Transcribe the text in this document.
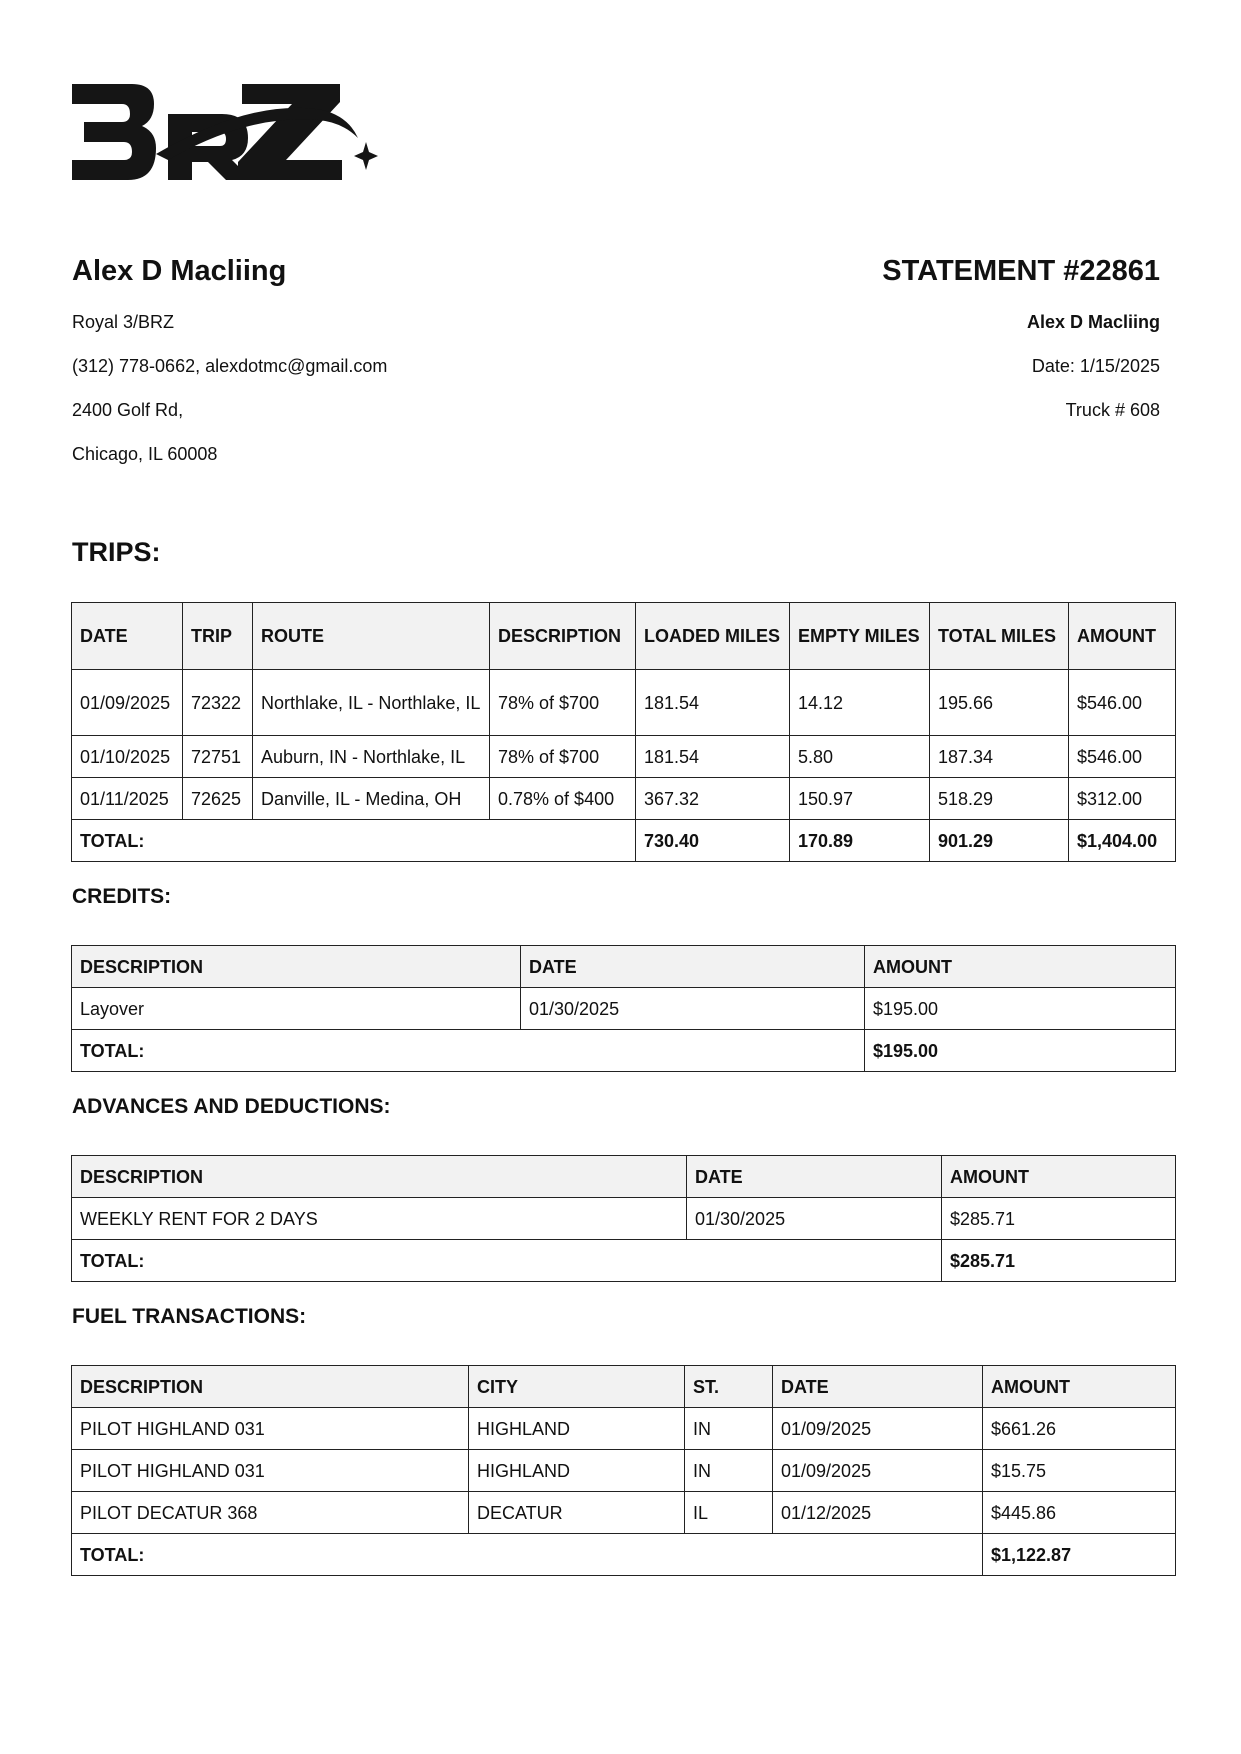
Alex D Macliing

Royal 3/BRZ

(312) 778-0662, alexdotmc@gmail.com

2400 Golf Rd,

Chicago, IL 60008

STATEMENT #22861

Alex D Macliing

Date: 1/15/2025

Truck # 608

TRIPS:

DATE	TRIP	ROUTE	DESCRIPTION	LOADED MILES	EMPTY MILES	TOTAL MILES	AMOUNT
01/09/2025	72322	Northlake, IL - Northlake, IL	78% of $700	181.54	14.12	195.66	$546.00
01/10/2025	72751	Auburn, IN - Northlake, IL	78% of $700	181.54	5.80	187.34	$546.00
01/11/2025	72625	Danville, IL - Medina, OH	0.78% of $400	367.32	150.97	518.29	$312.00
TOTAL:				730.40	170.89	901.29	$1,404.00

CREDITS:

DESCRIPTION	DATE	AMOUNT
Layover	01/30/2025	$195.00
TOTAL:		$195.00

ADVANCES AND DEDUCTIONS:

DESCRIPTION	DATE	AMOUNT
WEEKLY RENT FOR 2 DAYS	01/30/2025	$285.71
TOTAL:		$285.71

FUEL TRANSACTIONS:

DESCRIPTION	CITY	ST.	DATE	AMOUNT
PILOT HIGHLAND 031	HIGHLAND	IN	01/09/2025	$661.26
PILOT HIGHLAND 031	HIGHLAND	IN	01/09/2025	$15.75
PILOT DECATUR 368	DECATUR	IL	01/12/2025	$445.86
TOTAL:				$1,122.87
